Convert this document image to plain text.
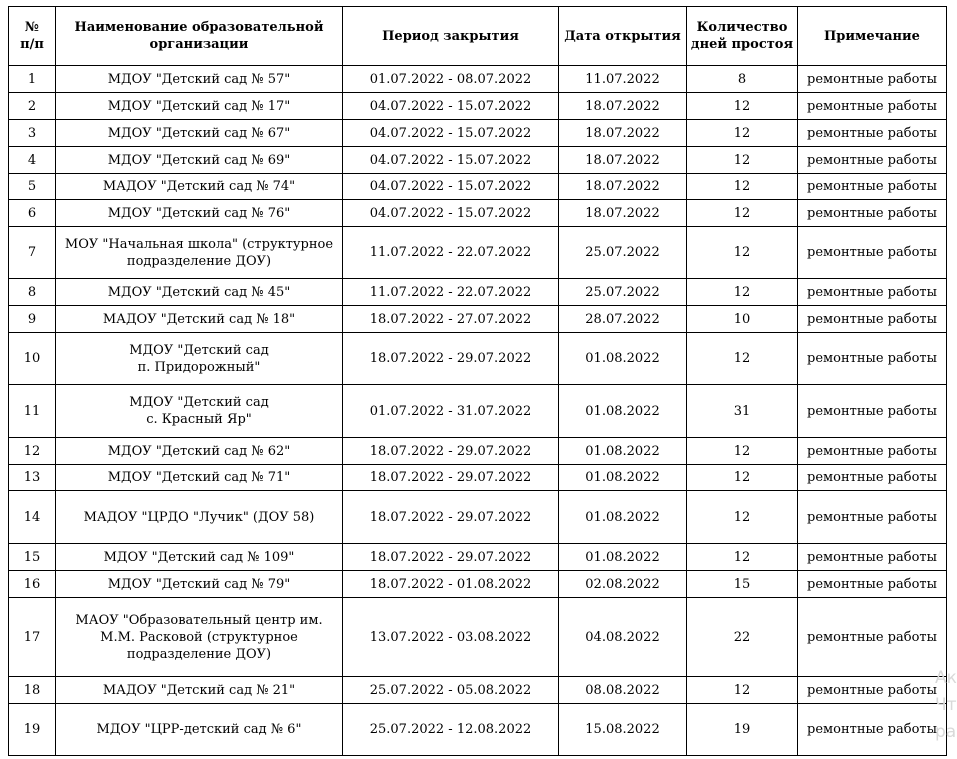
№
п/п	Наименование образовательной организации	Период закрытия	Дата открытия	Количество дней простоя	Примечание
1	МДОУ "Детский сад № 57"	01.07.2022 - 08.07.2022	11.07.2022	8	ремонтные работы
2	МДОУ "Детский сад № 17"	04.07.2022 - 15.07.2022	18.07.2022	12	ремонтные работы
3	МДОУ "Детский сад № 67"	04.07.2022 - 15.07.2022	18.07.2022	12	ремонтные работы
4	МДОУ "Детский сад № 69"	04.07.2022 - 15.07.2022	18.07.2022	12	ремонтные работы
5	МАДОУ "Детский сад № 74"	04.07.2022 - 15.07.2022	18.07.2022	12	ремонтные работы
6	МДОУ "Детский сад № 76"	04.07.2022 - 15.07.2022	18.07.2022	12	ремонтные работы
7	МОУ "Начальная школа" (структурное
подразделение ДОУ)	11.07.2022 - 22.07.2022	25.07.2022	12	ремонтные работы
8	МДОУ "Детский сад № 45"	11.07.2022 - 22.07.2022	25.07.2022	12	ремонтные работы
9	МАДОУ "Детский сад № 18"	18.07.2022 - 27.07.2022	28.07.2022	10	ремонтные работы
10	МДОУ "Детский сад
п. Придорожный"	18.07.2022 - 29.07.2022	01.08.2022	12	ремонтные работы
11	МДОУ "Детский сад
с. Красный Яр"	01.07.2022 - 31.07.2022	01.08.2022	31	ремонтные работы
12	МДОУ "Детский сад № 62"	18.07.2022 - 29.07.2022	01.08.2022	12	ремонтные работы
13	МДОУ "Детский сад № 71"	18.07.2022 - 29.07.2022	01.08.2022	12	ремонтные работы
14	МАДОУ "ЦРДО "Лучик" (ДОУ 58)	18.07.2022 - 29.07.2022	01.08.2022	12	ремонтные работы
15	МДОУ "Детский сад № 109"	18.07.2022 - 29.07.2022	01.08.2022	12	ремонтные работы
16	МДОУ "Детский сад № 79"	18.07.2022 - 01.08.2022	02.08.2022	15	ремонтные работы
17	МАОУ "Образовательный центр им.
М.М. Расковой (структурное
подразделение ДОУ)	13.07.2022 - 03.08.2022	04.08.2022	22	ремонтные работы
18	МАДОУ "Детский сад № 21"	25.07.2022 - 05.08.2022	08.08.2022	12	ремонтные работы
19	МДОУ "ЦРР-детский сад № 6"	25.07.2022 - 12.08.2022	15.08.2022	19	ремонтные работы
Ак
Чт
ра
